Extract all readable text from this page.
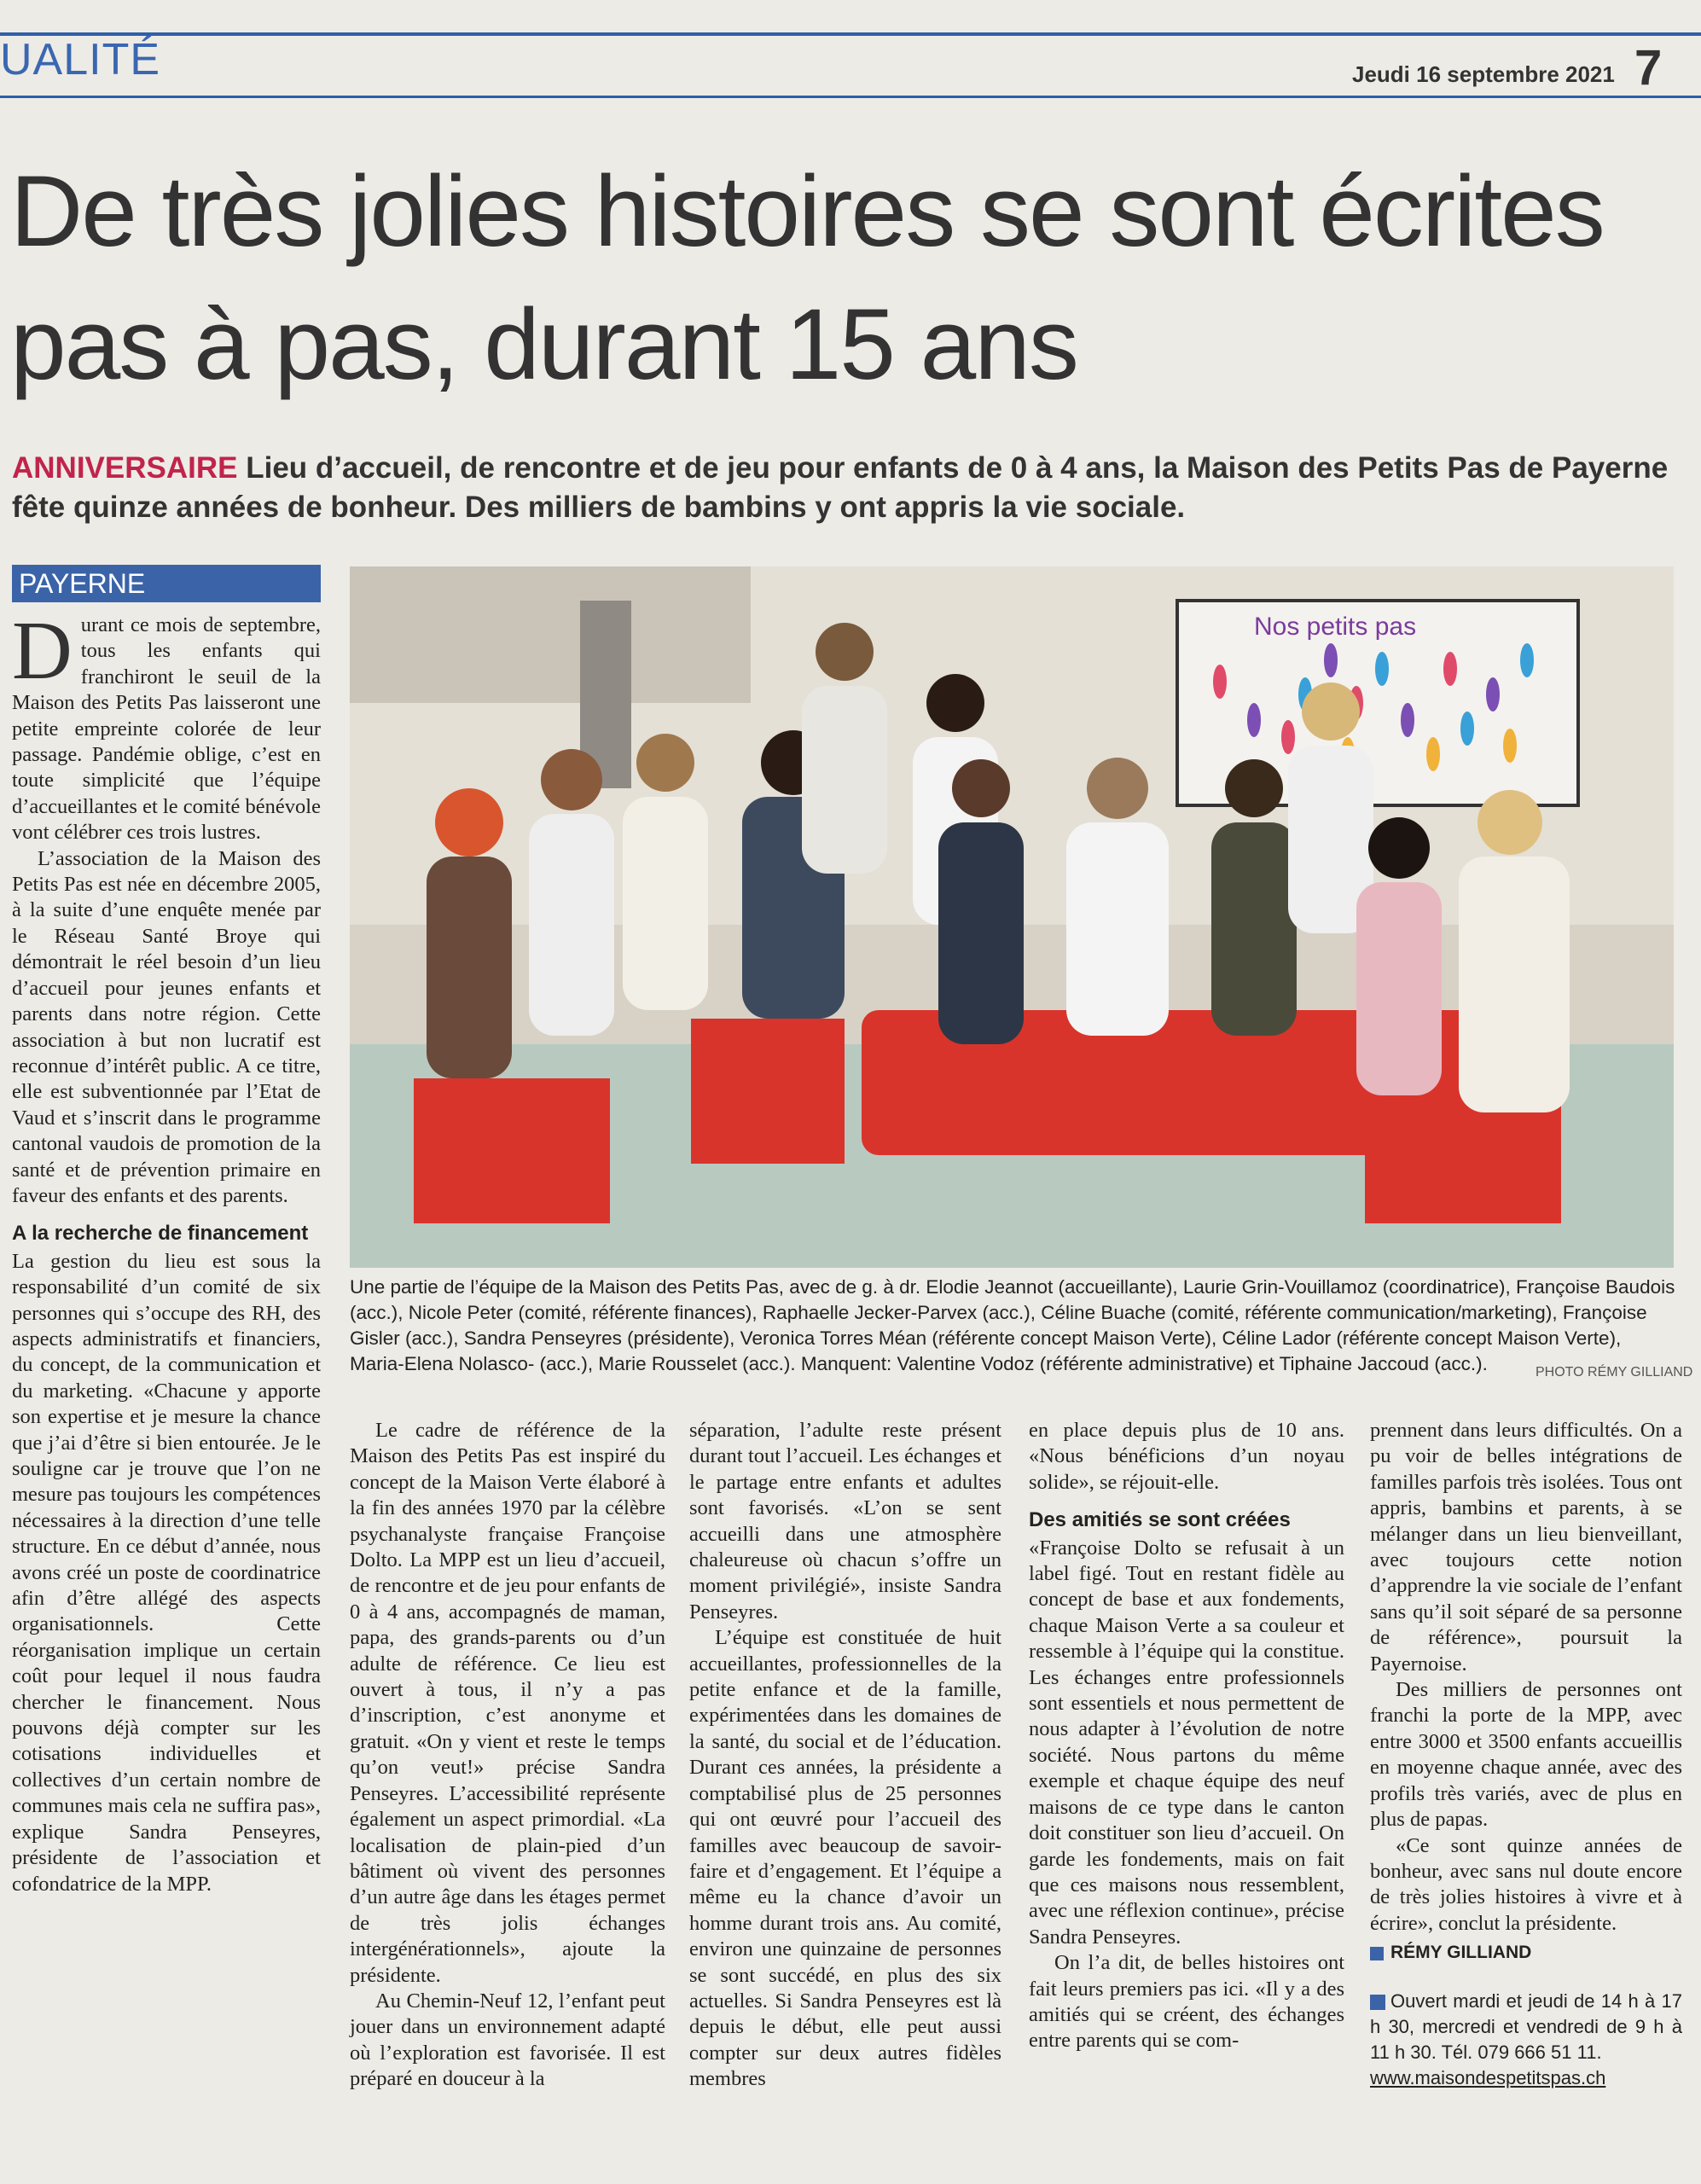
UALITÉ	Jeudi 16 septembre 2021 7
De très jolies histoires se sont écrites pas à pas, durant 15 ans
ANNIVERSAIRE Lieu d’accueil, de rencontre et de jeu pour enfants de 0 à 4 ans, la Maison des Petits Pas de Payerne fête quinze années de bonheur. Des milliers de bambins y ont appris la vie sociale.
PAYERNE

Durant ce mois de septembre, tous les enfants qui franchiront le seuil de la Maison des Petits Pas laisseront une petite empreinte colorée de leur passage. Pandémie oblige, c’est en toute simplicité que l’équipe d’accueillantes et le comité bénévole vont célébrer ces trois lustres.

L’association de la Maison des Petits Pas est née en décembre 2005, à la suite d’une enquête menée par le Réseau Santé Broye qui démontrait le réel besoin d’un lieu d’accueil pour jeunes enfants et parents dans notre région. Cette association à but non lucratif est reconnue d’intérêt public. A ce titre, elle est subventionnée par l’Etat de Vaud et s’inscrit dans le programme cantonal vaudois de promotion de la santé et de prévention primaire en faveur des enfants et des parents.

A la recherche de financement

La gestion du lieu est sous la responsabilité d’un comité de six personnes qui s’occupe des RH, des aspects administratifs et financiers, du concept, de la communication et du marketing. «Chacune y apporte son expertise et je mesure la chance que j’ai d’être si bien entourée. Je le souligne car je trouve que l’on ne mesure pas toujours les compétences nécessaires à la direction d’une telle structure. En ce début d’année, nous avons créé un poste de coordinatrice afin d’être allégé des aspects organisationnels. Cette réorganisation implique un certain coût pour lequel il nous faudra chercher le financement. Nous pouvons déjà compter sur les cotisations individuelles et collectives d’un certain nombre de communes mais cela ne suffira pas», explique Sandra Penseyres, présidente de l’association et cofondatrice de la MPP.

Nos petits pas
Une partie de l’équipe de la Maison des Petits Pas, avec de g. à dr. Elodie Jeannot (accueillante), Laurie Grin-Vouillamoz (coordinatrice), Françoise Baudois (acc.), Nicole Peter (comité, référente finances), Raphaelle Jecker-Parvex (acc.), Céline Buache (comité, référente communication/marketing), Françoise Gisler (acc.), Sandra Penseyres (présidente), Veronica Torres Méan (référente concept Maison Verte), Céline Lador (référente concept Maison Verte), Maria-Elena Nolasco- (acc.), Marie Rousselet (acc.). Manquent: Valentine Vodoz (référente administrative) et Tiphaine Jaccoud (acc.).	PHOTO RÉMY GILLIAND

Le cadre de référence de la Maison des Petits Pas est inspiré du concept de la Maison Verte élaboré à la fin des années 1970 par la célèbre psychanalyste française Françoise Dolto. La MPP est un lieu d’accueil, de rencontre et de jeu pour enfants de 0 à 4 ans, accompagnés de maman, papa, des grands-parents ou d’un adulte de référence. Ce lieu est ouvert à tous, il n’y a pas d’inscription, c’est anonyme et gratuit. «On y vient et reste le temps qu’on veut!» précise Sandra Penseyres. L’accessibilité représente également un aspect primordial. «La localisation de plain-pied d’un bâtiment où vivent des personnes d’un autre âge dans les étages permet de très jolis échanges intergénérationnels», ajoute la présidente.

Au Chemin-Neuf 12, l’enfant peut jouer dans un environnement adapté où l’exploration est favorisée. Il est préparé en douceur à la

séparation, l’adulte reste présent durant tout l’accueil. Les échanges et le partage entre enfants et adultes sont favorisés. «L’on se sent accueilli dans une atmosphère chaleureuse où chacun s’offre un moment privilégié», insiste Sandra Penseyres.

L’équipe est constituée de huit accueillantes, professionnelles de la petite enfance et de la famille, expérimentées dans les domaines de la santé, du social et de l’éducation. Durant ces années, la présidente a comptabilisé plus de 25 personnes qui ont œuvré pour l’accueil des familles avec beaucoup de savoir-faire et d’engagement. Et l’équipe a même eu la chance d’avoir un homme durant trois ans. Au comité, environ une quinzaine de personnes se sont succédé, en plus des six actuelles. Si Sandra Penseyres est là depuis le début, elle peut aussi compter sur deux autres fidèles membres

en place depuis plus de 10 ans. «Nous bénéficions d’un noyau solide», se réjouit-elle.

Des amitiés se sont créées

«Françoise Dolto se refusait à un label figé. Tout en restant fidèle au concept de base et aux fondements, chaque Maison Verte a sa couleur et ressemble à l’équipe qui la constitue. Les échanges entre professionnels sont essentiels et nous permettent de nous adapter à l’évolution de notre société. Nous partons du même exemple et chaque équipe des neuf maisons de ce type dans le canton doit constituer son lieu d’accueil. On garde les fondements, mais on fait que ces maisons nous ressemblent, avec une réflexion continue», précise Sandra Penseyres.

On l’a dit, de belles histoires ont fait leurs premiers pas ici. «Il y a des amitiés qui se créent, des échanges entre parents qui se com-

prennent dans leurs difficultés. On a pu voir de belles intégrations de familles parfois très isolées. Tous ont appris, bambins et parents, à se mélanger dans un lieu bienveillant, avec toujours cette notion d’apprendre la vie sociale de l’enfant sans qu’il soit séparé de sa personne de référence», poursuit la Payernoise.

Des milliers de personnes ont franchi la porte de la MPP, avec entre 3000 et 3500 enfants accueillis en moyenne chaque année, avec des profils très variés, avec de plus en plus de papas.

«Ce sont quinze années de bonheur, avec sans nul doute encore de très jolies histoires à vivre et à écrire», conclut la présidente.

RÉMY GILLIAND
Ouvert mardi et jeudi de 14 h à 17 h 30, mercredi et vendredi de 9 h à 11 h 30. Tél. 079 666 51 11.
www.maisondespetitspas.ch
